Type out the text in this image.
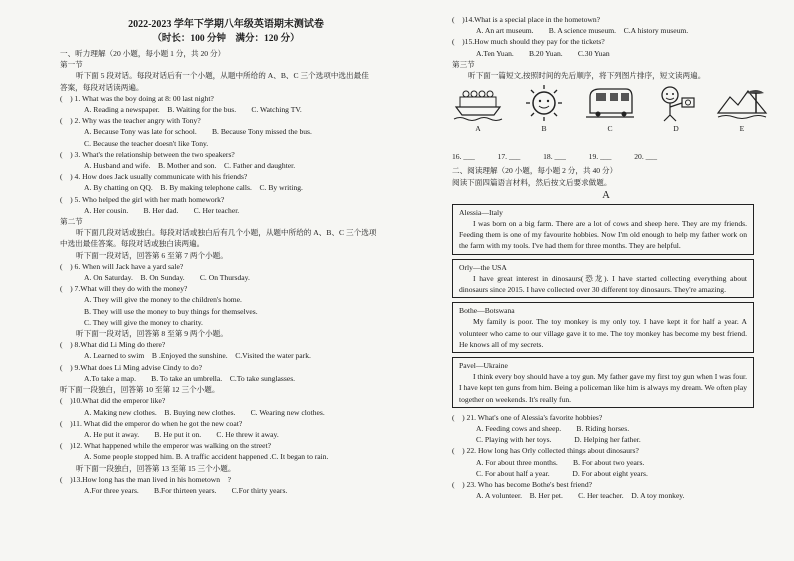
2022-2023 学年下学期八年级英语期末测试卷
（时长：100 分钟　满分：120 分）
一、听力理解（20 小题，每小题 1 分，共 20 分）
第一节
听下面 5 段对话。每段对话后有一个小题，从题中所给的 A、B、C 三个选项中选出最佳
答案，每段对话读两遍。
(　) 1. What was the boy doing at 8: 00 last night?
A. Reading a newspaper.　B. Waiting for the bus.　　C. Watching TV.
(　) 2. Why was the teacher angry with Tony?
A. Because Tony was late for school.　　B. Because Tony missed the bus.
C. Because the teacher doesn't like Tony.
(　) 3. What's the relationship between the two speakers?
A. Husband and wife.　B. Mother and son.　C. Father and daughter.
(　) 4. How does Jack usually communicate with his friends?
A. By chatting on QQ.　B. By making telephone calls.　C. By writing.
(　) 5. Who helped the girl with her math homework?
A. Her cousin.　　B. Her dad.　　C. Her teacher.
第二节
听下面几段对话或独白。每段对话或独白后有几个小题，从题中所给的 A、B、C 三个选项
中选出最佳答案。每段对话或独白读两遍。
听下面一段对话，回答第 6 至第 7 两个小题。
(　) 6. When will Jack have a yard sale?
A. On Saturday.　B. On Sunday.　　C. On Thursday.
(　) 7.What will they do with the money?
A. They will give the money to the children's home.
B. They will use the money to buy things for themselves.
C. They will give the money to charity.
听下面一段对话，回答第 8 至第 9 两个小题。
(　) 8.What did Li Ming do there?
A. Learned to swim　B .Enjoyed the sunshine.　C.Visited the water park.
(　) 9.What does Li Ming advise Cindy to do?
A.To take a map.　　B. To take an umbrella.　C.To take sunglasses.
听下面一段独白，回答第 10 至第 12 三个小题。
(　)10.What did the emperor like?
A. Making new clothes.　B. Buying new clothes.　　C. Wearing new clothes.
(　)11. What did the emperor do when he got the new coat?
A. He put it away.　　B. He put it on.　　C. He threw it away.
(　)12. What happened while the emperor was walking on the street?
A. Some people stopped him. B. A traffic accident happened .C. It began to rain.
听下面一段独白，回答第 13 至第 15 三个小题。
(　)13.How long has the man lived in his hometown　?
A.For three years.　　B.For thirteen years.　　C.For thirty years.
(　)14.What is a special place in the hometown?
A. An art museum.　　B. A science museum.　C.A history museum.
(　)15.How much should they pay for the tickets?
A.Ten Yuan.　　B.20 Yuan.　　C.30 Yuan
第三节
听下面一篇短文,按照时间的先后顺序，将下列图片排序，短文读两遍。
A	B	C	D	E
16. ___　　　17. ___　　　18. ___　　　19. ___　　　20. ___
二、阅读理解（20 小题，每小题 2 分，共 40 分）
阅读下面四篇语言材料，然后按文后要求做题。
A
Alessia—Italy

I was born on a big farm. There are a lot of cows and sheep here. They are my friends. Feeding them is one of my favourite hobbies. Now I'm old enough to help my father work on the farm with my tools. I've had them for three months. They are helpful.

Orly—the USA

I have great interest in dinosaurs(恐龙). I have started collecting everything about dinosaurs since 2015. I have collected over 30 different toy dinosaurs. They're amazing.

Bothe—Botswana

My family is poor. The toy monkey is my only toy. I have kept it for half a year. A volunteer who came to our village gave it to me. The toy monkey has become my best friend. He knows all of my secrets.

Pavel—Ukraine

I think every boy should have a toy gun. My father gave my first toy gun when I was four. I have kept ten guns from him. Being a policeman like him is always my dream. We often play together on weekends. It's really fun.

(　) 21. What's one of Alessia's favorite hobbies?
A. Feeding cows and sheep.　　B. Riding horses.
C. Playing with her toys.　　　D. Helping her father.
(　) 22. How long has Orly collected things about dinosaurs?
A. For about three months.　　B. For about two years.
C. For about half a year.　　　D. For about eight years.
(　) 23. Who has become Bothe's best friend?
A. A volunteer.　B. Her pet.　　C. Her teacher.　D. A toy monkey.
